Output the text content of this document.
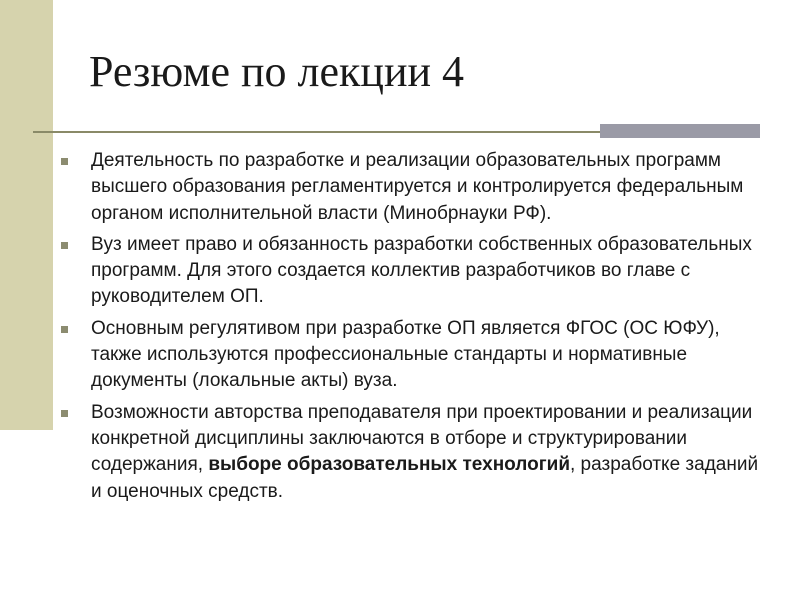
Резюме по лекции 4
Деятельность по разработке и реализации образовательных программ высшего образования регламентируется и контролируется федеральным органом исполнительной власти (Минобрнауки РФ).
Вуз имеет право и обязанность разработки собственных образовательных программ. Для этого создается коллектив разработчиков во главе с руководителем ОП.
Основным регулятивом при разработке ОП является ФГОС (ОС ЮФУ), также используются профессиональные стандарты и нормативные документы (локальные акты) вуза.
Возможности авторства преподавателя при проектировании и реализации конкретной дисциплины заключаются в отборе и структурировании содержания, выборе образовательных технологий, разработке заданий и оценочных средств.
